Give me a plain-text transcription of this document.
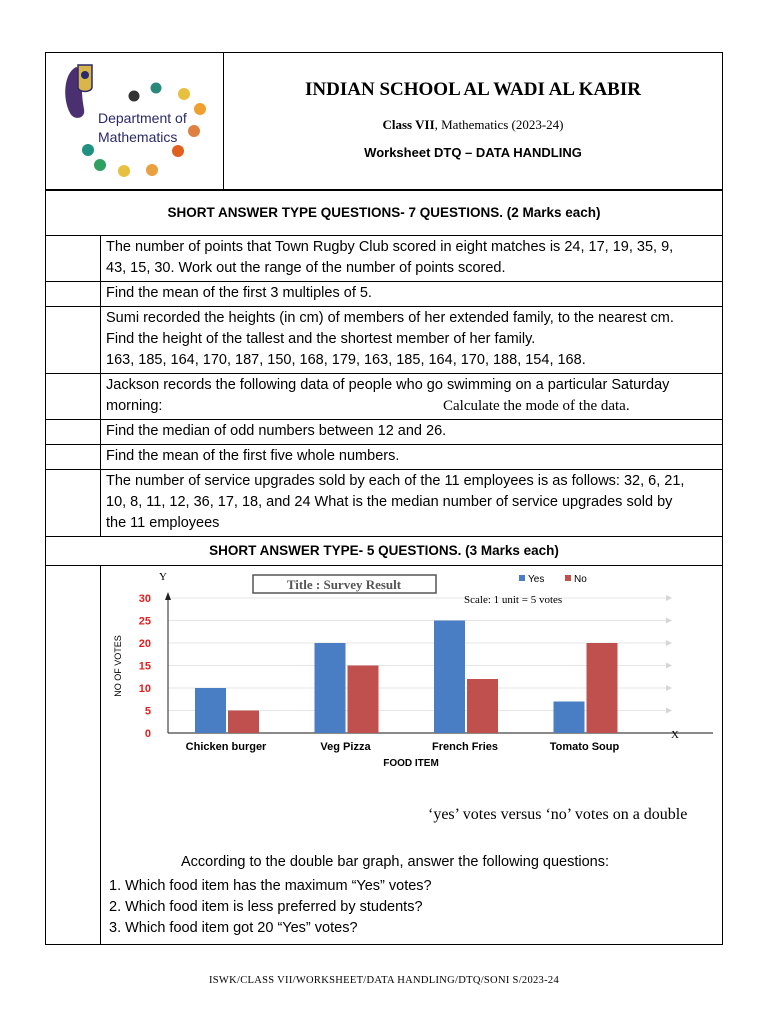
Department of
Mathematics
INDIAN SCHOOL AL WADI AL KABIR
Class VII, Mathematics (2023-24)
Worksheet DTQ – DATA HANDLING
SHORT ANSWER TYPE QUESTIONS- 7 QUESTIONS. (2 Marks each)
The number of points that Town Rugby Club scored in eight matches is 24, 17, 19, 35, 9,
43, 15, 30. Work out the range of the number of points scored.
Find the mean of the first 3 multiples of 5.
Sumi recorded the heights (in cm) of members of her extended family, to the nearest cm.
Find the height of the tallest and the shortest member of her family.
163, 185, 164, 170, 187, 150, 168, 179, 163, 185, 164, 170, 188, 154, 168.
Jackson records the following data of people who go swimming on a particular Saturday
morning:	Calculate the mode of the data.
Find the median of odd numbers between 12 and 26.
Find the mean of the first five whole numbers.
The number of service upgrades sold by each of the 11 employees is as follows: 32, 6, 21,
10, 8, 11, 12, 36, 17, 18, and 24 What is the median number of service upgrades sold by
the 11 employees
SHORT ANSWER TYPE- 5 QUESTIONS. (3 Marks each)
Y
X
0
5
10
15
20
25
30
NO OF VOTES
Chicken burger	Veg Pizza	French Fries	Tomato Soup
FOOD ITEM
Title : Survey Result	Yes	No
Scale: 1 unit = 5 votes
‘yes’ votes versus ‘no’ votes on a double
According to the double bar graph, answer the following questions:
1. Which food item has the maximum “Yes” votes?
2. Which food item is less preferred by students?
3. Which food item got 20 “Yes” votes?
ISWK/CLASS VII/WORKSHEET/DATA HANDLING/DTQ/SONI S/2023-24
